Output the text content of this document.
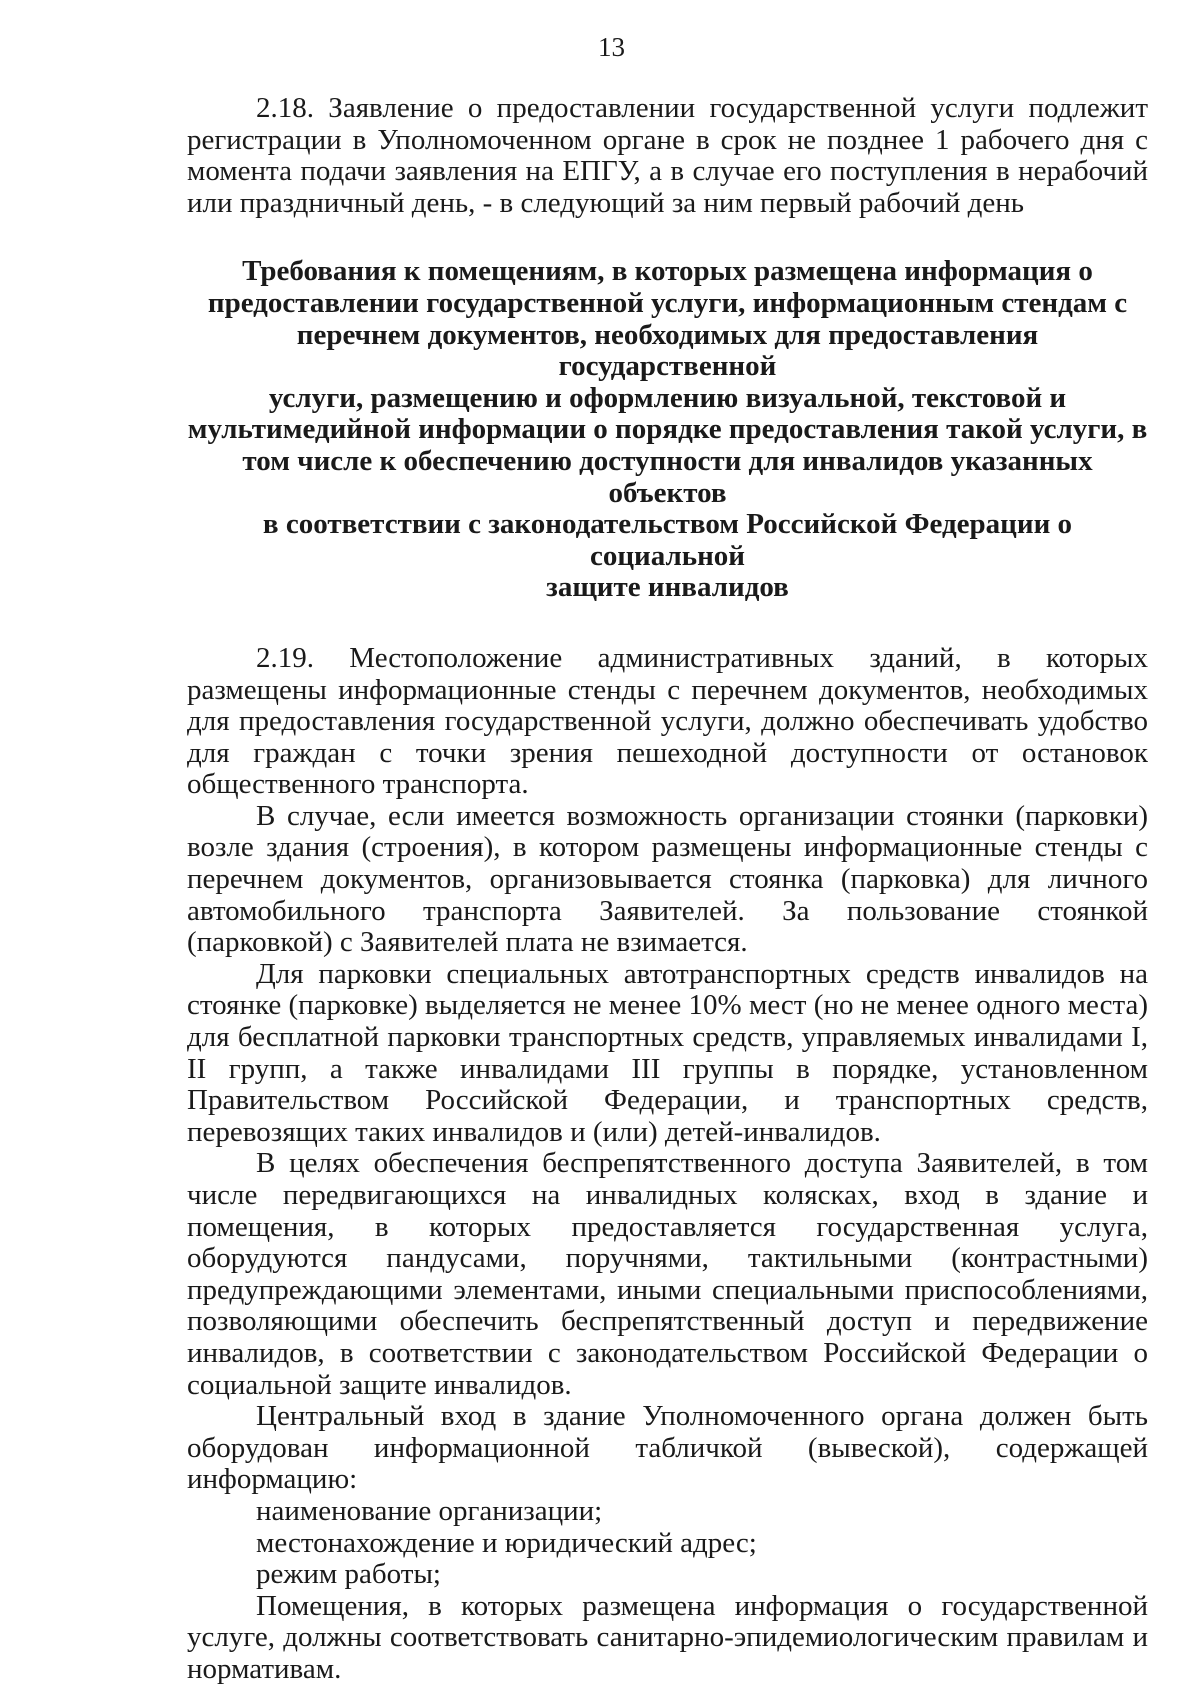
13

2.18. Заявление о предоставлении государственной услуги подлежит регистрации в Уполномоченном органе в срок не позднее 1 рабочего дня с момента подачи заявления на ЕПГУ, а в случае его поступления в нерабочий или праздничный день, - в следующий за ним первый рабочий день

Требования к помещениям, в которых размещена информация о
предоставлении государственной услуги, информационным стендам с
перечнем документов, необходимых для предоставления государственной
услуги, размещению и оформлению визуальной, текстовой и
мультимедийной информации о порядке предоставления такой услуги, в
том числе к обеспечению доступности для инвалидов указанных объектов
в соответствии с законодательством Российской Федерации о социальной
защите инвалидов

2.19. Местоположение административных зданий, в которых размещены информационные стенды с перечнем документов, необходимых для предоставления государственной услуги, должно обеспечивать удобство для граждан с точки зрения пешеходной доступности от остановок общественного транспорта.

В случае, если имеется возможность организации стоянки (парковки) возле здания (строения), в котором размещены информационные стенды с перечнем документов, организовывается стоянка (парковка) для личного автомобильного транспорта Заявителей. За пользование стоянкой (парковкой) с Заявителей плата не взимается.

Для парковки специальных автотранспортных средств инвалидов на стоянке (парковке) выделяется не менее 10% мест (но не менее одного места) для бесплатной парковки транспортных средств, управляемых инвалидами I, II групп, а также инвалидами III группы в порядке, установленном Правительством Российской Федерации, и транспортных средств, перевозящих таких инвалидов и (или) детей-инвалидов.

В целях обеспечения беспрепятственного доступа Заявителей, в том числе передвигающихся на инвалидных колясках, вход в здание и помещения, в которых предоставляется государственная услуга, оборудуются пандусами, поручнями, тактильными (контрастными) предупреждающими элементами, иными специальными приспособлениями, позволяющими обеспечить беспрепятственный доступ и передвижение инвалидов, в соответствии с законодательством Российской Федерации о социальной защите инвалидов.

Центральный вход в здание Уполномоченного органа должен быть оборудован информационной табличкой (вывеской), содержащей информацию:

наименование организации;

местонахождение и юридический адрес;

режим работы;

Помещения, в которых размещена информация о государственной услуге, должны соответствовать санитарно-эпидемиологическим правилам и нормативам.
